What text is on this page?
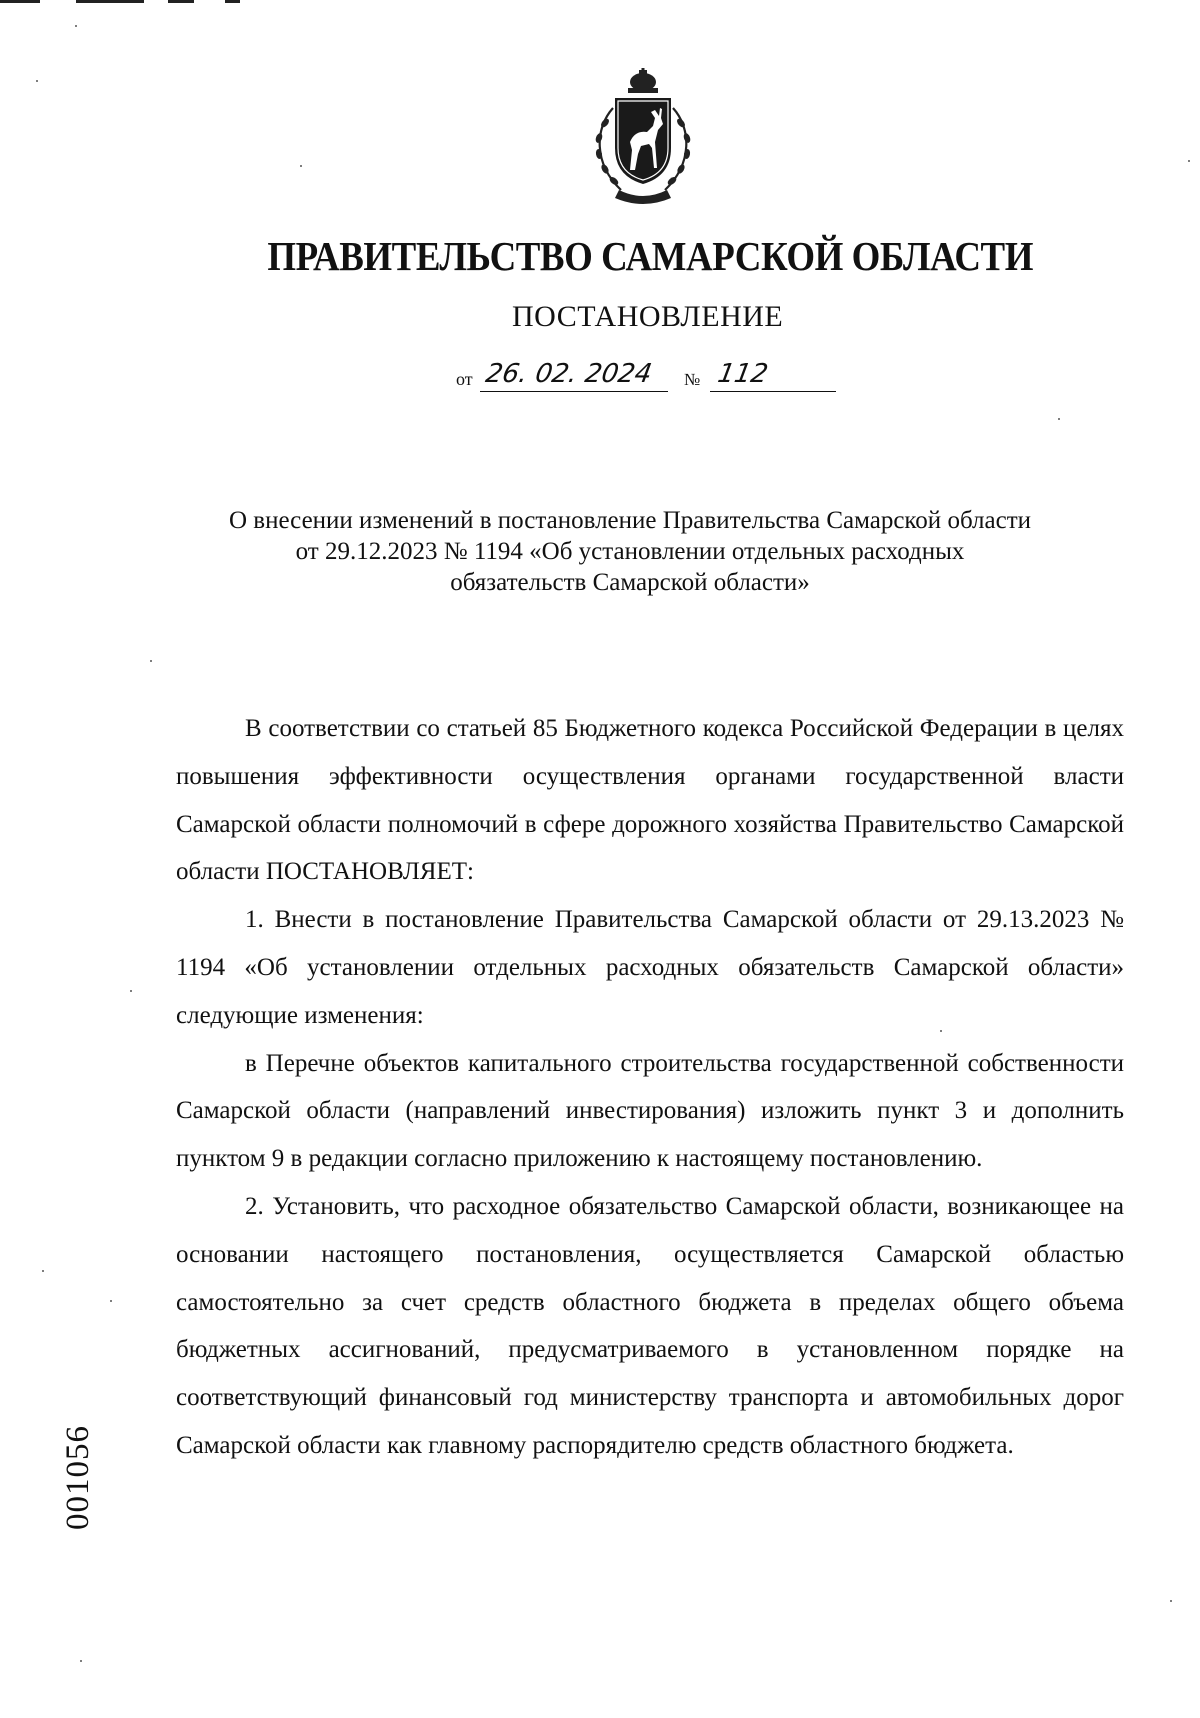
ПРАВИТЕЛЬСТВО САМАРСКОЙ ОБЛАСТИ
ПОСТАНОВЛЕНИЕ
от 26. 02. 2024 № 112
О внесении изменений в постановление Правительства Самарской области
от 29.12.2023 № 1194 «Об установлении отдельных расходных
обязательств Самарской области»

В соответствии со статьей 85 Бюджетного кодекса Российской Федерации в целях повышения эффективности осуществления органами государственной власти Самарской области полномочий в сфере дорожного хозяйства Правительство Самарской области ПОСТАНОВЛЯЕТ:

1. Внести в постановление Правительства Самарской области от 29.13.2023 № 1194 «Об установлении отдельных расходных обязательств Самарской области» следующие изменения:

в Перечне объектов капитального строительства государственной собственности Самарской области (направлений инвестирования) изложить пункт 3 и дополнить пунктом 9 в редакции согласно приложению к настоящему постановлению.

2. Установить, что расходное обязательство Самарской области, возникающее на основании настоящего постановления, осуществляется Самарской областью самостоятельно за счет средств областного бюджета в пределах общего объема бюджетных ассигнований, предусматриваемого в установленном порядке на соответствующий финансовый год министерству транспорта и автомобильных дорог Самарской области как главному распорядителю средств областного бюджета.

001056
